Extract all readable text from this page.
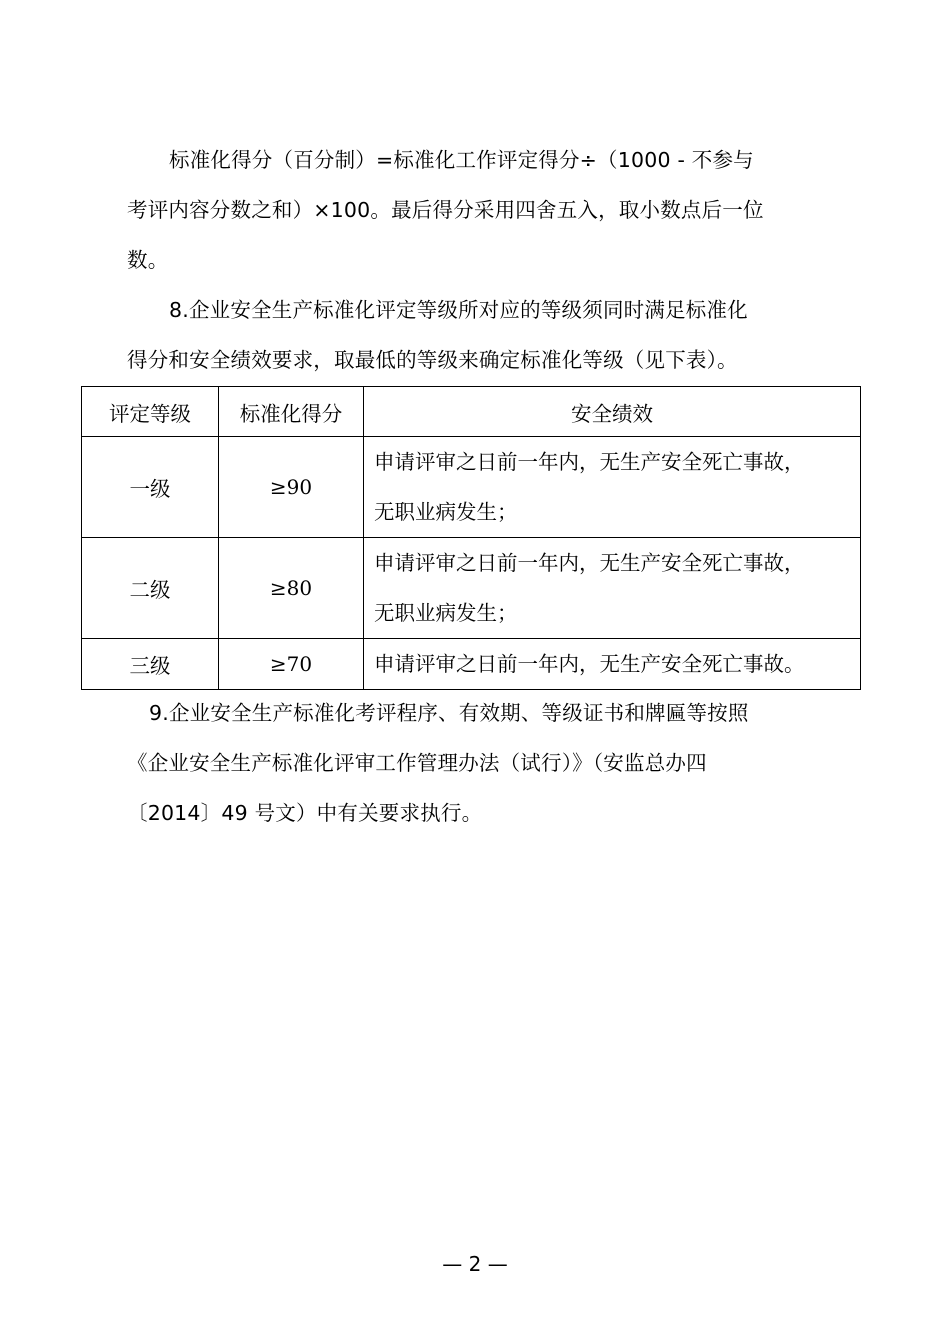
标准化得分（百分制）=标准化工作评定得分÷（1000 - 不参与
考评内容分数之和）×100。最后得分采用四舍五入，取小数点后一位
数。
8.企业安全生产标准化评定等级所对应的等级须同时满足标准化
得分和安全绩效要求，取最低的等级来确定标准化等级（见下表）。
评定等级	标准化得分	安全绩效
一级	≥90	申请评审之日前一年内，无生产安全死亡事故，
无职业病发生；

二级	≥80	申请评审之日前一年内，无生产安全死亡事故，
无职业病发生；

三级	≥70	申请评审之日前一年内，无生产安全死亡事故。
9.企业安全生产标准化考评程序、有效期、等级证书和牌匾等按照
《企业安全生产标准化评审工作管理办法（试行）》（安监总办四
〔2014〕49 号文）中有关要求执行。
— 2 —
